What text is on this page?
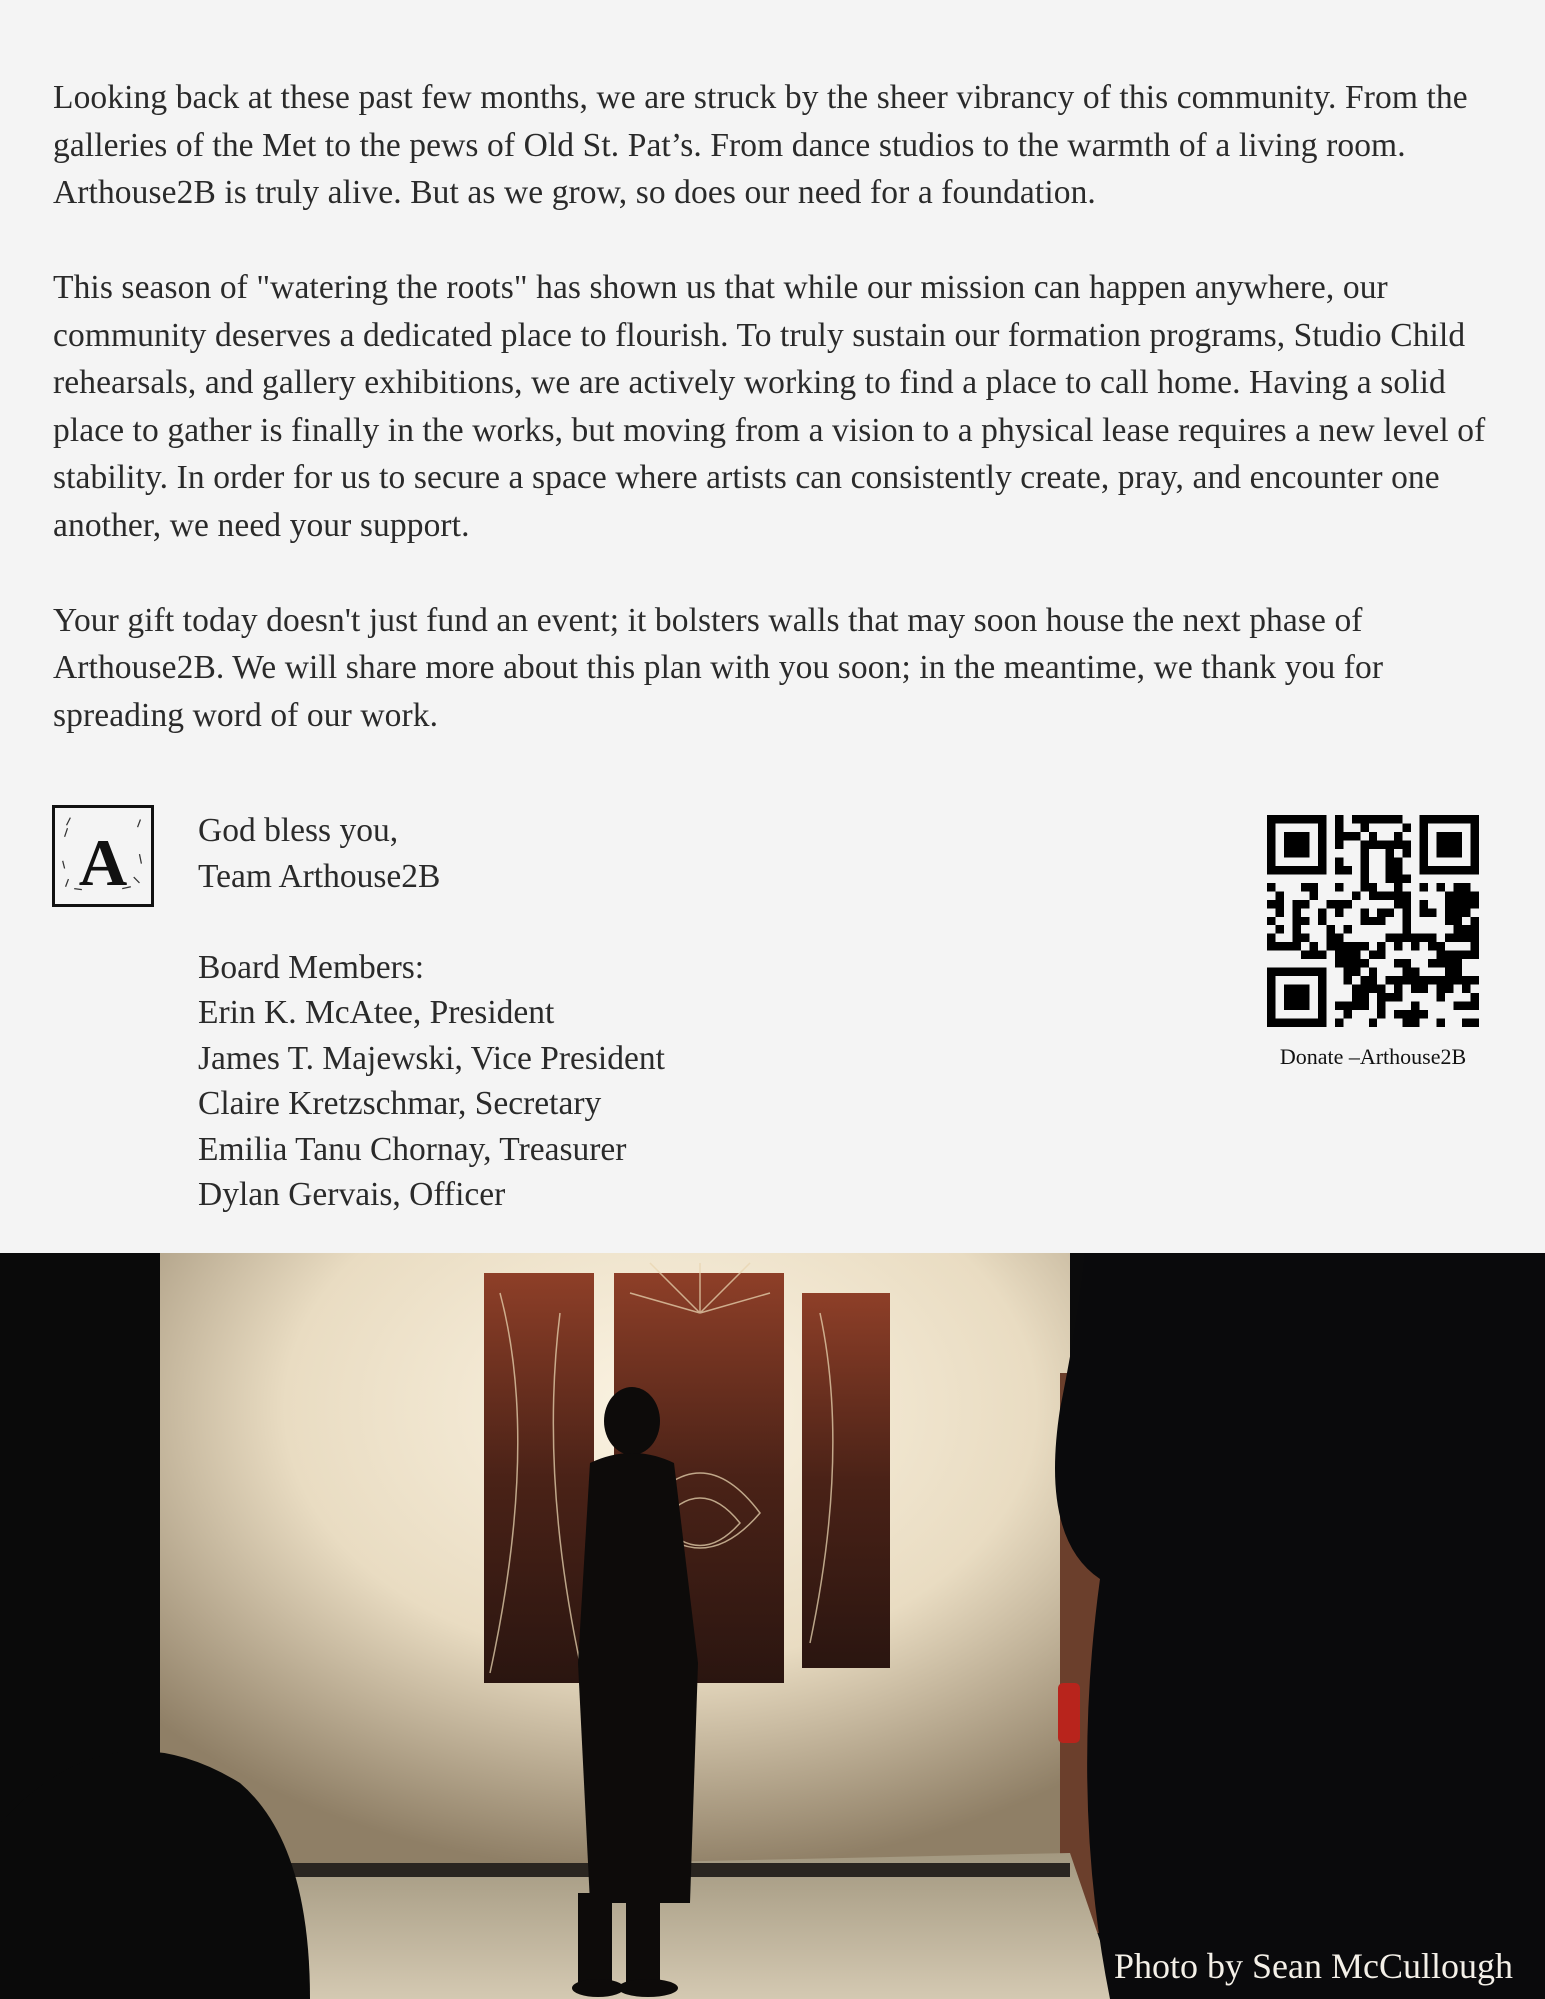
Looking back at these past few months, we are struck by the sheer vibrancy of this community. From the galleries of the Met to the pews of Old St. Pat’s. From dance studios to the warmth of a living room. Arthouse2B is truly alive. But as we grow, so does our need for a foundation.

This season of "watering the roots" has shown us that while our mission can happen anywhere, our community deserves a dedicated place to flourish. To truly sustain our formation programs, Studio Child rehearsals, and gallery exhibitions, we are actively working to find a place to call home. Having a solid place to gather is finally in the works, but moving from a vision to a physical lease requires a new level of stability. In order for us to secure a space where artists can consistently create, pray, and encounter one another, we need your support.

Your gift today doesn't just fund an event; it bolsters walls that may soon house the next phase of Arthouse2B. We will share more about this plan with you soon; in the meantime, we thank you for spreading word of our work.

A God bless you,
Team Arthouse2B
Board Members:
Erin K. McAtee, President
James T. Majewski, Vice President
Claire Kretzschmar, Secretary
Emilia Tanu Chornay, Treasurer
Dylan Gervais, Officer
Donate –Arthouse2B
Photo by Sean McCullough
